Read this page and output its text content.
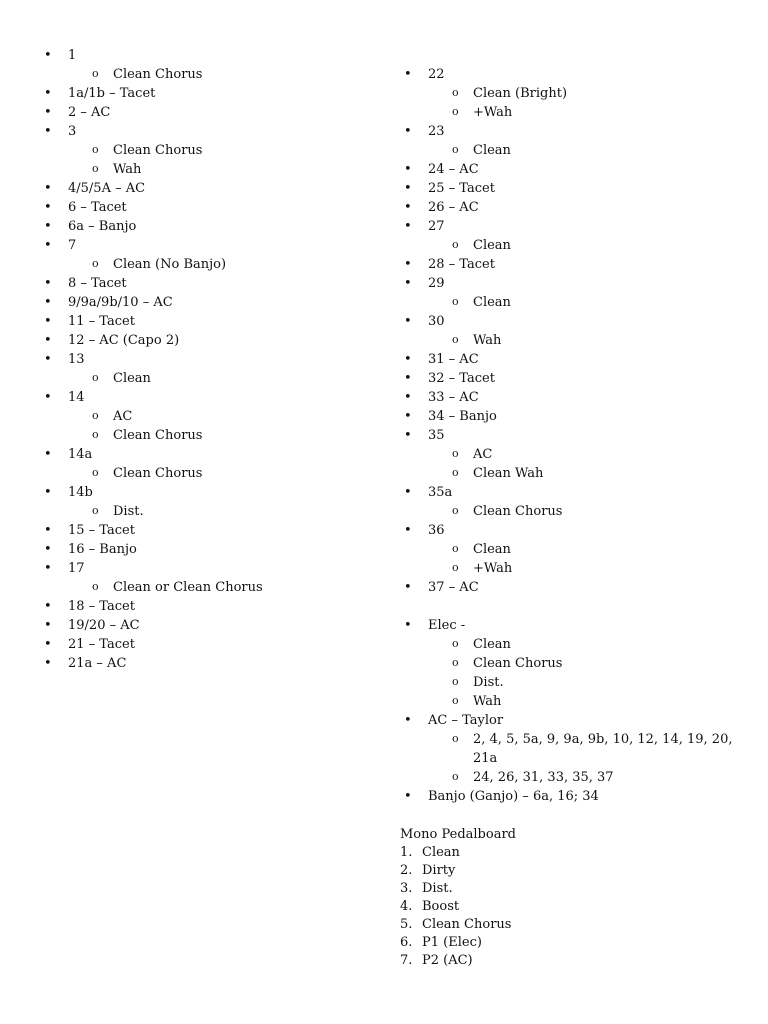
• 1
o Clean Chorus
• 1a/1b – Tacet
• 2 – AC
• 3
o Clean Chorus
o Wah
• 4/5/5A – AC
• 6 – Tacet
• 6a – Banjo
• 7
o Clean (No Banjo)
• 8 – Tacet
• 9/9a/9b/10 – AC
• 11 – Tacet
• 12 – AC (Capo 2)
• 13
o Clean
• 14
o AC
o Clean Chorus
• 14a
o Clean Chorus
• 14b
o Dist.
• 15 – Tacet
• 16 – Banjo
• 17
o Clean or Clean Chorus
• 18 – Tacet
• 19/20 – AC
• 21 – Tacet
• 21a – AC
• 22
o Clean (Bright)
o +Wah
• 23
o Clean
• 24 – AC
• 25 – Tacet
• 26 – AC
• 27
o Clean
• 28 – Tacet
• 29
o Clean
• 30
o Wah
• 31 – AC
• 32 – Tacet
• 33 – AC
• 34 – Banjo
• 35
o AC
o Clean Wah
• 35a
o Clean Chorus
• 36
o Clean
o +Wah
• 37 – AC
• Elec -
o Clean
o Clean Chorus
o Dist.
o Wah
• AC – Taylor
o 2, 4, 5, 5a, 9, 9a, 9b, 10, 12, 14, 19, 20, 21a
o 24, 26, 31, 33, 35, 37
• Banjo (Ganjo) – 6a, 16; 34
Mono Pedalboard
1. Clean
2. Dirty
3. Dist.
4. Boost
5. Clean Chorus
6. P1 (Elec)
7. P2 (AC)
